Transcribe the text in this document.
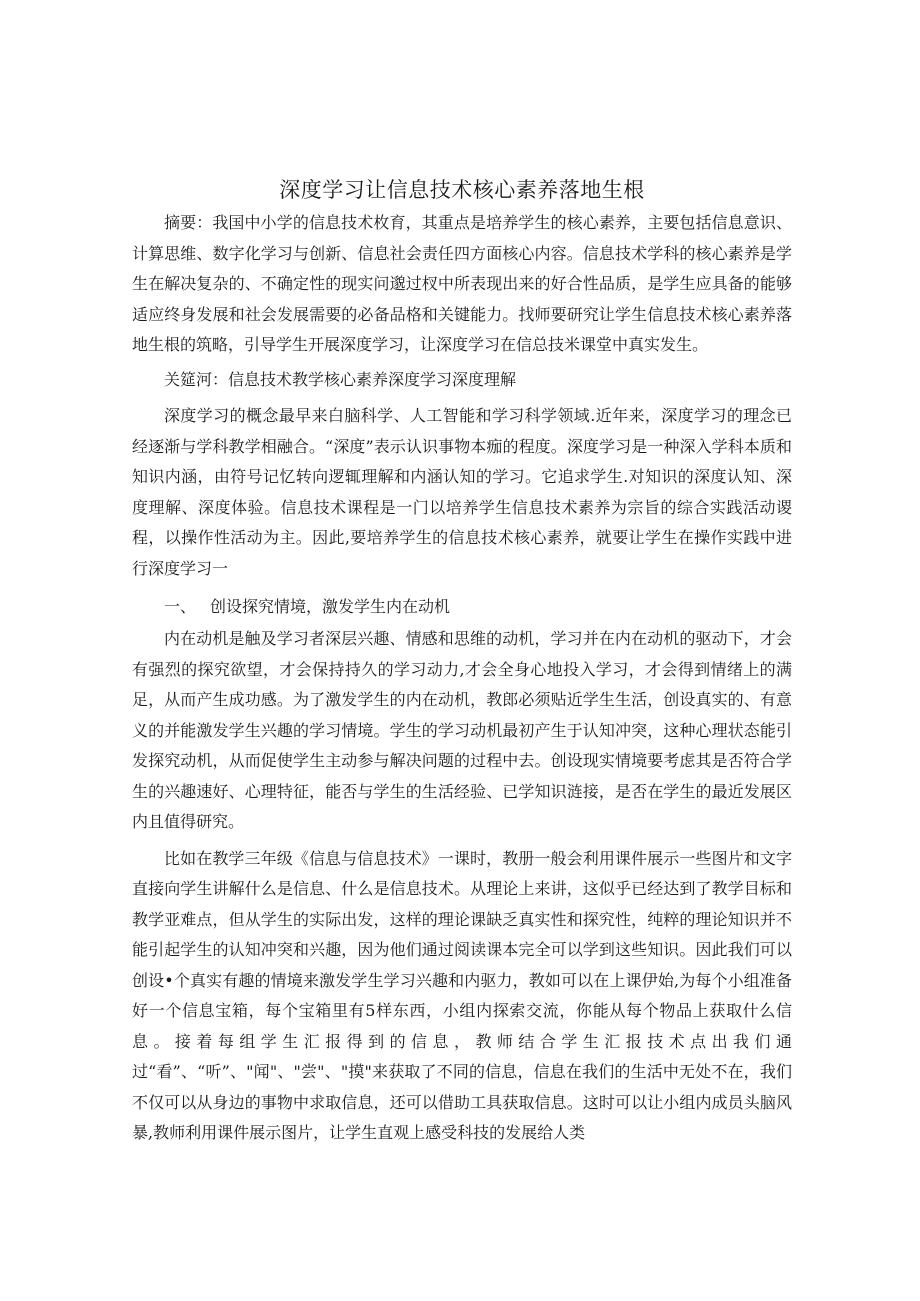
深度学习让信息技术核心素养落地生根

摘要：我国中小学的信息技术枚育，其重点是培养学生的核心素养，主要包括信息意识、计算思维、数字化学习与创新、信息社会责任四方面核心内容。信息技术学科的核心素养是学生在解决复杂的、不确定性的现实问邈过杈中所表现出来的好合性品质，是学生应具备的能够适应终身发展和社会发展需要的必备品格和关键能力。找师要研究让学生信息技术核心素养落地生根的筑略，引导学生开展深度学习，让深度学习在信总技米课堂中真实发生。

关筵河：信息技术教学核心素养深度学习深度理解

深度学习的概念最早来白脑科学、人工智能和学习科学领域.近年来，深度学习的理念已经逐渐与学科教学相融合。“深度”表示认识事物本痂的程度。深度学习是一种深入学科本质和知识内涵，由符号记忆转向逻辄理解和内涵认知的学习。它追求学生.对知识的深度认知、深度理解、深度体验。信息技术课程是一门以培养学生信息技术素养为宗旨的综合实践活动谡程，以操作性活动为主。因此,要培养学生的信息技术核心素养，就要让学生在操作实践中进行深度学习一

一、 创设探究情境，激发学生内在动机

内在动机是触及学习者深层兴趣、情感和思维的动机，学习并在内在动机的驱动下，才会有强烈的探究欲望，才会保持持久的学习动力,才会全身心地投入学习，才会得到情绪上的满足，从而产生成功感。为了激发学生的内在动机，教郎必须贴近学生生活，创设真实的、有意义的并能激发学生兴趣的学习情境。学生的学习动机最初产生于认知冲突，这种心理状态能引发探究动机，从而促使学生主动参与解决问题的过程中去。创设现实情境要考虑其是否符合学生的兴趣速好、心理特征，能否与学生的生活经验、已学知识涟接，是否在学生的最近发展区内且值得研究。

比如在教学三年级《信息与信息技术》一课时，教册一般会利用课件展示一些图片和文字直接向学生讲解什么是信息、什么是信息技术。从理论上来讲，这似乎已经达到了教学目标和教学亚难点，但从学生的实际出发，这样的理论课缺乏真实性和探究性，纯粹的理论知识并不能引起学生的认知冲突和兴趣，因为他们通过阅读课本完全可以学到这些知识。因此我们可以创设•个真实有趣的情境来激发学生学习兴趣和内驱力，教如可以在上课伊始,为每个小组准备好一个信息宝箱，每个宝箱里有5样东西，小组内探索交流，你能从每个物品上获取什么信息。接着每组学生汇报得到的信息，教师结合学生汇报技术点出我们通过“看”、“听”、"闻"、"尝"、"摸"来获取了不同的信息，信息在我们的生活中无处不在，我们不仅可以从身边的事物中求取信息，还可以借助工具获取信息。这时可以让小组内成员头脑风暴,教师利用课件展示图片，让学生直观上感受科技的发展给人类
